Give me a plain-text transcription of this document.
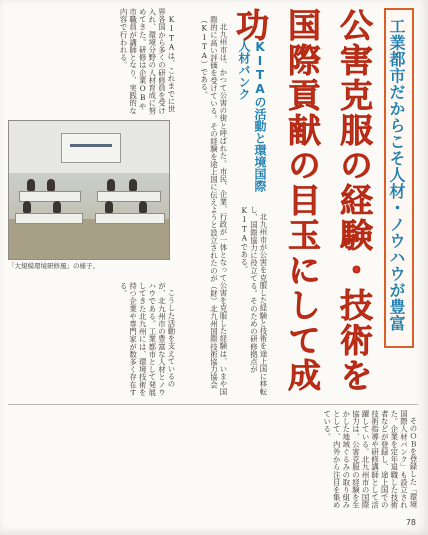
工業都市だからこそ人材・ノウハウが豊富
公害克服の経験・技術を国際貢献の目玉にして成功
KITAの活動と環境国際人材バンク

北九州市が公害を克服した経験と技術を途上国に移転し、国際協力に役立てる。そのための研修拠点がKITAである。

北九州市は、かつて公害の街と呼ばれた。市民、企業、行政が一体となって公害を克服した経験は、いまや国際的に高い評価を受けている。その経験を途上国に伝えようと設立されたのが（財）北九州国際技術協力協会（KITA）である。

KITAは、これまでに世界各国から多くの研修員を受け入れ、環境分野の人材育成に努めてきた。研修は企業OBや市職員が講師となり、実践的な内容で行われる。

「大規模環境研修風」の様子。

こうした活動を支えているのが、北九州市の豊富な人材とノウハウである。工業都市として発展してきた北九州には、環境技術を持つ企業や専門家が数多く存在する。

そのＯＢを登録した「環境国際人材バンク」も設立された。企業を定年退職した技術者などが登録し、途上国での技術指導や研修講師として活躍している。北九州市の国際協力は、公害克服の経験を生かした地域ぐるみの取り組みとして、内外から注目を集めている。

78
